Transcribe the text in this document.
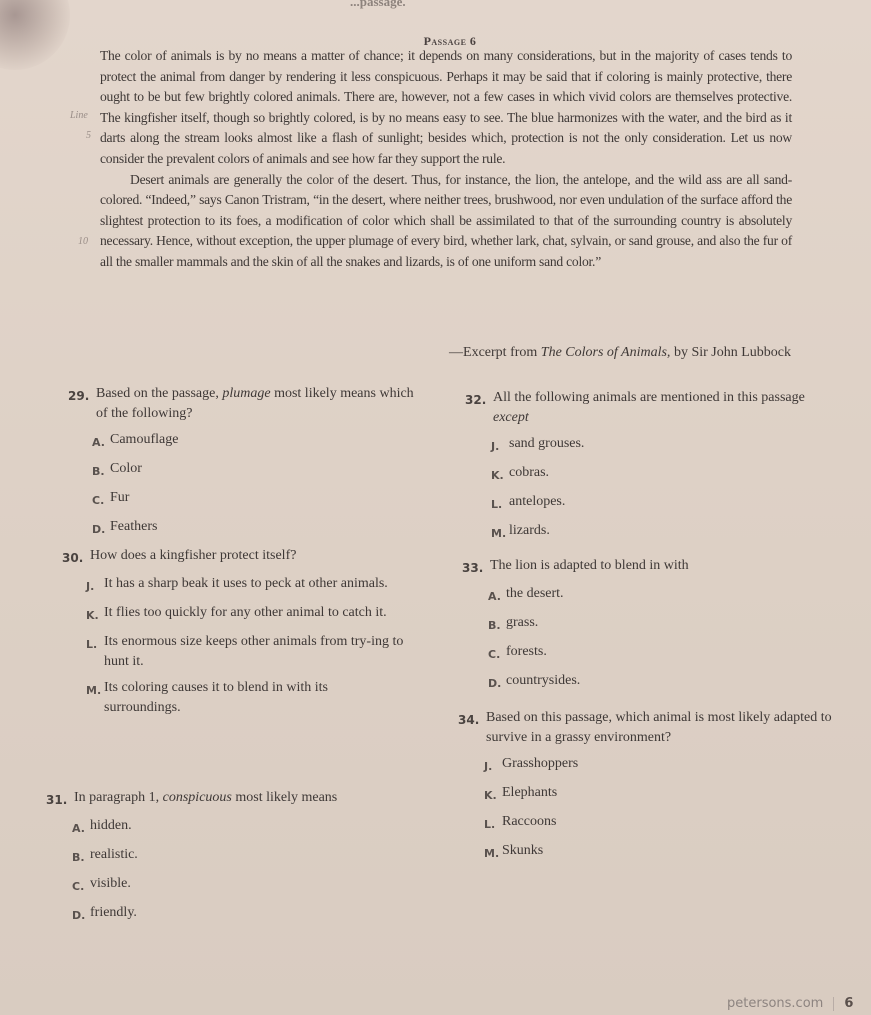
...passage.
Passage 6
Line
5
10

The color of animals is by no means a matter of chance; it depends on many considerations, but in the majority of cases tends to protect the animal from danger by rendering it less conspicuous. Perhaps it may be said that if coloring is mainly protective, there ought to be but few brightly colored animals. There are, however, not a few cases in which vivid colors are themselves protective. The kingfisher itself, though so brightly colored, is by no means easy to see. The blue harmonizes with the water, and the bird as it darts along the stream looks almost like a flash of sunlight; besides which, protection is not the only consideration. Let us now consider the prevalent colors of animals and see how far they support the rule.

Desert animals are generally the color of the desert. Thus, for instance, the lion, the antelope, and the wild ass are all sand-colored. “Indeed,” says Canon Tristram, “in the desert, where neither trees, brushwood, nor even undulation of the surface afford the slightest protection to its foes, a modification of color which shall be assimilated to that of the surrounding country is absolutely necessary. Hence, without exception, the upper plumage of every bird, whether lark, chat, sylvain, or sand grouse, and also the fur of all the smaller mammals and the skin of all the snakes and lizards, is of one uniform sand color.”

—Excerpt from The Colors of Animals, by Sir John Lubbock
29. Based on the passage, plumage most likely means which of the following?
A. Camouflage
B. Color
C. Fur
D. Feathers
30. How does a kingfisher protect itself?
J. It has a sharp beak it uses to peck at other animals.
K. It flies too quickly for any other animal to catch it.
L. Its enormous size keeps other animals from try-ing to hunt it.
M. Its coloring causes it to blend in with its surroundings.
31. In paragraph 1, conspicuous most likely means
A. hidden.
B. realistic.
C. visible.
D. friendly.
32. All the following animals are mentioned in this passage except
J. sand grouses.
K. cobras.
L. antelopes.
M. lizards.
33. The lion is adapted to blend in with
A. the desert.
B. grass.
C. forests.
D. countrysides.
34. Based on this passage, which animal is most likely adapted to survive in a grassy environment?
J. Grasshoppers
K. Elephants
L. Raccoons
M. Skunks
petersons.com 6
